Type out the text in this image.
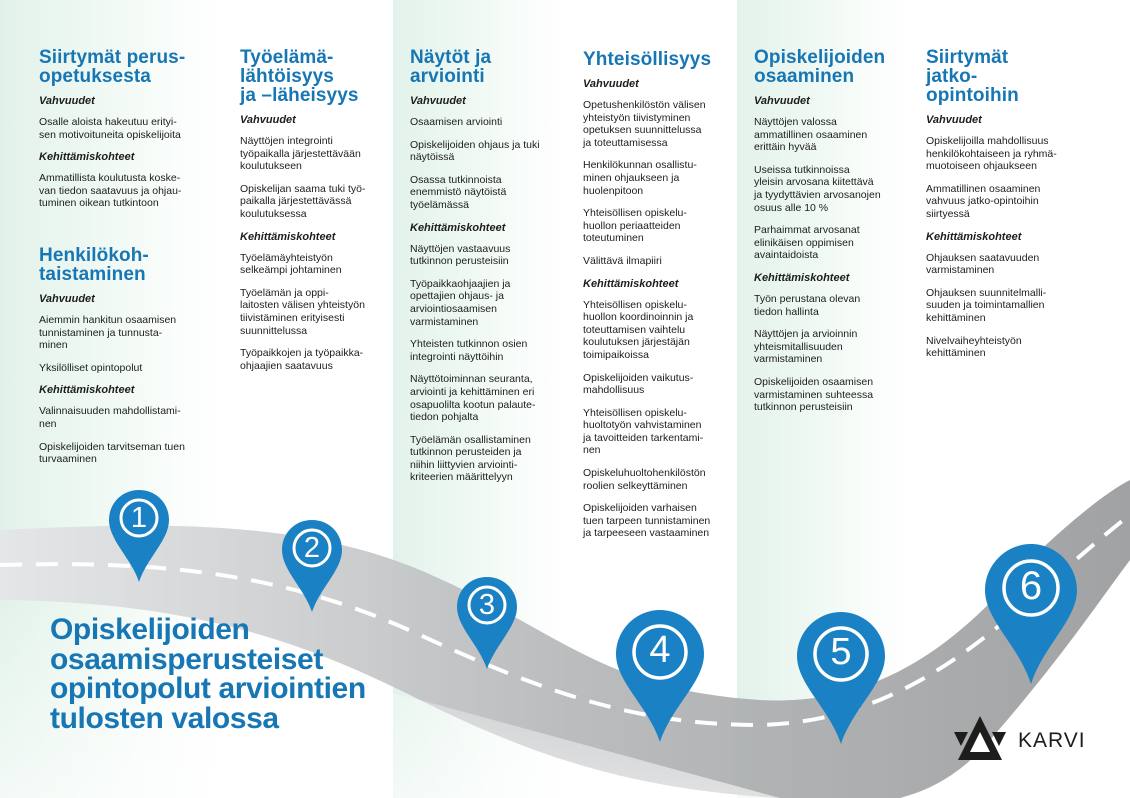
Siirtymät perus-
opetuksesta
Vahvuudet
Osalle aloista hakeutuu erityi-
sen motivoituneita opiskelijoita
Kehittämiskohteet
Ammatillista koulutusta koske-
van tiedon saatavuus ja ohjau-
tuminen oikean tutkintoon
Henkilökoh-
taistaminen
Vahvuudet
Aiemmin hankitun osaamisen
tunnistaminen ja tunnusta-
minen
Yksilölliset opintopolut
Kehittämiskohteet
Valinnaisuuden mahdollistami-
nen
Opiskelijoiden tarvitseman tuen
turvaaminen
Työelämä-
lähtöisyys
ja –läheisyys
Vahvuudet
Näyttöjen integrointi
työpaikalla järjestettävään
koulutukseen
Opiskelijan saama tuki työ-
paikalla järjestettävässä
koulutuksessa
Kehittämiskohteet
Työelämäyhteistyön
selkeämpi johtaminen
Työelämän ja oppi-
laitosten välisen yhteistyön
tiivistäminen erityisesti
suunnittelussa
Työpaikkojen ja työpaikka-
ohjaajien saatavuus
Näytöt ja
arviointi
Vahvuudet
Osaamisen arviointi
Opiskelijoiden ohjaus ja tuki
näytöissä
Osassa tutkinnoista
enemmistö näytöistä
työelämässä
Kehittämiskohteet
Näyttöjen vastaavuus
tutkinnon perusteisiin
Työpaikkaohjaajien ja
opettajien ohjaus- ja
arviointiosaamisen
varmistaminen
Yhteisten tutkinnon osien
integrointi näyttöihin
Näyttötoiminnan seuranta,
arviointi ja kehittäminen eri
osapuolilta kootun palaute-
tiedon pohjalta
Työelämän osallistaminen
tutkinnon perusteiden ja
niihin liittyvien arviointi-
kriteerien määrittelyyn
Yhteisöllisyys
Vahvuudet
Opetushenkilöstön välisen
yhteistyön tiivistyminen
opetuksen suunnittelussa
ja toteuttamisessa
Henkilökunnan osallistu-
minen ohjaukseen ja
huolenpitoon
Yhteisöllisen opiskelu-
huollon periaatteiden
toteutuminen
Välittävä ilmapiiri
Kehittämiskohteet
Yhteisöllisen opiskelu-
huollon koordinoinnin ja
toteuttamisen vaihtelu
koulutuksen järjestäjän
toimipaikoissa
Opiskelijoiden vaikutus-
mahdollisuus
Yhteisöllisen opiskelu-
huoltotyön vahvistaminen
ja tavoitteiden tarkentami-
nen
Opiskeluhuoltohenkilöstön
roolien selkeyttäminen
Opiskelijoiden varhaisen
tuen tarpeen tunnistaminen
ja tarpeeseen vastaaminen
Opiskelijoiden
osaaminen
Vahvuudet
Näyttöjen valossa
ammatillinen osaaminen
erittäin hyvää
Useissa tutkinnoissa
yleisin arvosana kiitettävä
ja tyydyttävien arvosanojen
osuus alle 10 %
Parhaimmat arvosanat
elinikäisen oppimisen
avaintaidoista
Kehittämiskohteet
Työn perustana olevan
tiedon hallinta
Näyttöjen ja arvioinnin
yhteismitallisuuden
varmistaminen
Opiskelijoiden osaamisen
varmistaminen suhteessa
tutkinnon perusteisiin
Siirtymät
jatko-
opintoihin
Vahvuudet
Opiskelijoilla mahdollisuus
henkilökohtaiseen ja ryhmä-
muotoiseen ohjaukseen
Ammatillinen osaaminen
vahvuus jatko-opintoihin
siirtyessä
Kehittämiskohteet
Ohjauksen saatavuuden
varmistaminen
Ohjauksen suunnitelmalli-
suuden ja toimintamallien
kehittäminen
Nivelvaiheyhteistyön
kehittäminen
1
2
3
4	5
6
Opiskelijoiden
osaamisperusteiset
opintopolut arviointien
tulosten valossa
KARVI
